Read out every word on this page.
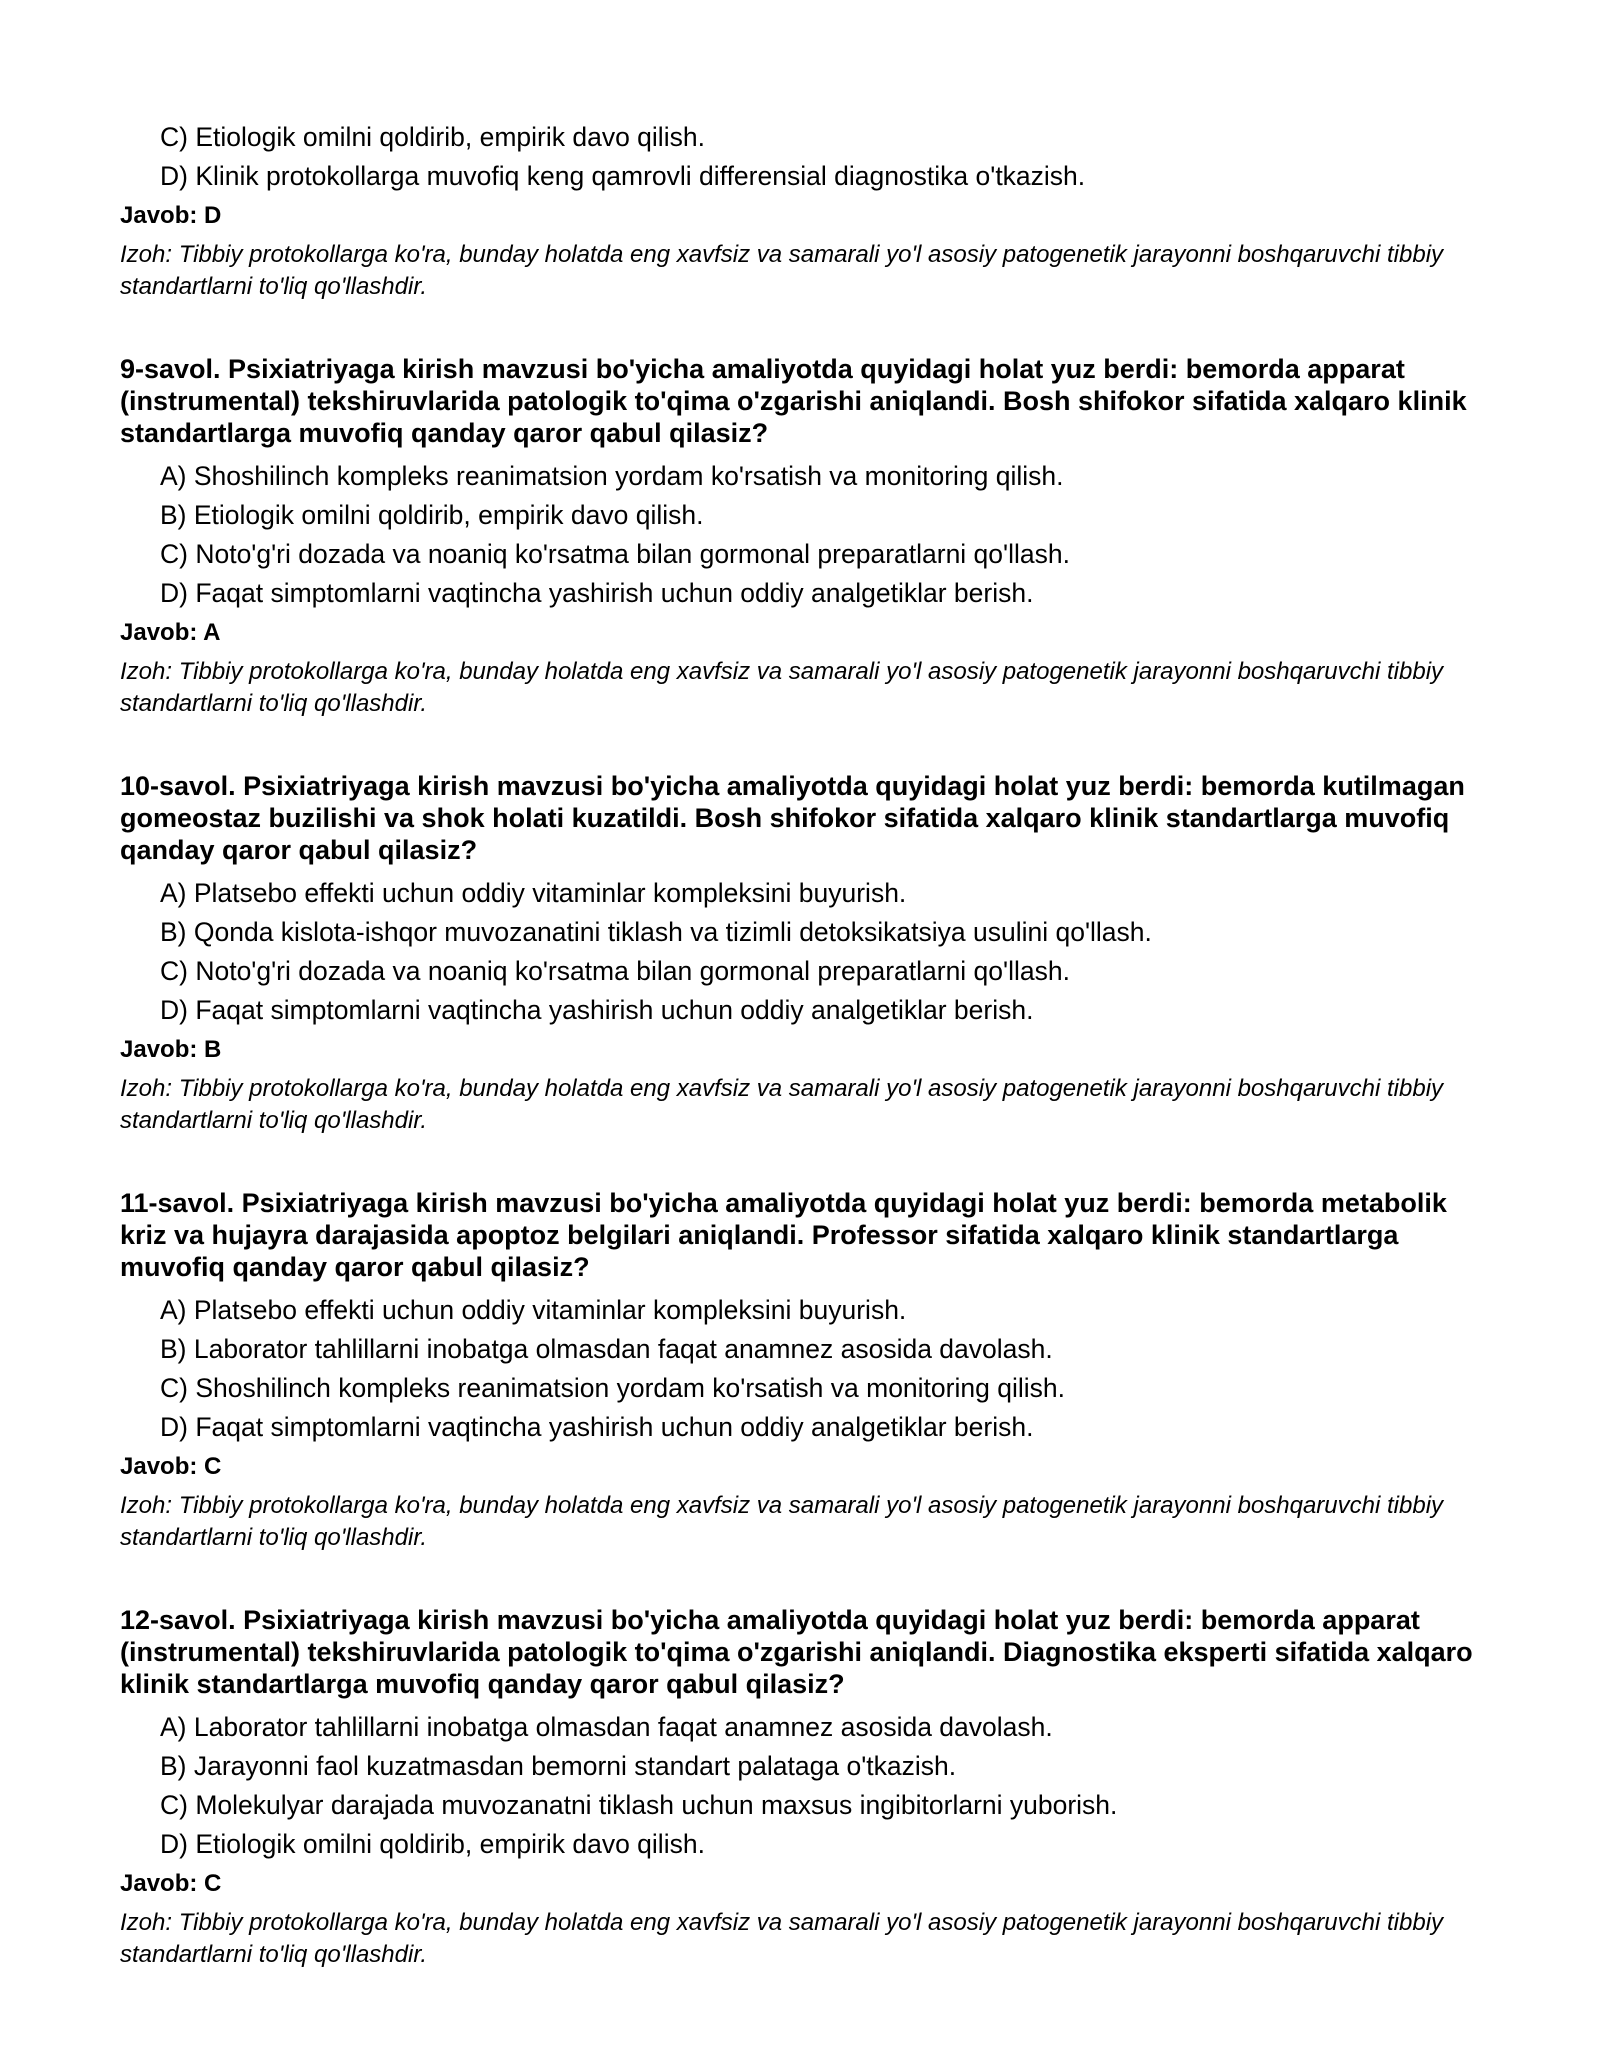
C) Etiologik omilni qoldirib, empirik davo qilish.
D) Klinik protokollarga muvofiq keng qamrovli differensial diagnostika o'tkazish.
Javob: D
Izoh: Tibbiy protokollarga ko'ra, bunday holatda eng xavfsiz va samarali yo'l asosiy patogenetik jarayonni boshqaruvchi tibbiy standartlarni to'liq qo'llashdir.
9-savol. Psixiatriyaga kirish mavzusi bo'yicha amaliyotda quyidagi holat yuz berdi: bemorda apparat (instrumental) tekshiruvlarida patologik to'qima o'zgarishi aniqlandi. Bosh shifokor sifatida xalqaro klinik standartlarga muvofiq qanday qaror qabul qilasiz?
A) Shoshilinch kompleks reanimatsion yordam ko'rsatish va monitoring qilish.
B) Etiologik omilni qoldirib, empirik davo qilish.
C) Noto'g'ri dozada va noaniq ko'rsatma bilan gormonal preparatlarni qo'llash.
D) Faqat simptomlarni vaqtincha yashirish uchun oddiy analgetiklar berish.
Javob: A
Izoh: Tibbiy protokollarga ko'ra, bunday holatda eng xavfsiz va samarali yo'l asosiy patogenetik jarayonni boshqaruvchi tibbiy standartlarni to'liq qo'llashdir.
10-savol. Psixiatriyaga kirish mavzusi bo'yicha amaliyotda quyidagi holat yuz berdi: bemorda kutilmagan gomeostaz buzilishi va shok holati kuzatildi. Bosh shifokor sifatida xalqaro klinik standartlarga muvofiq qanday qaror qabul qilasiz?
A) Platsebo effekti uchun oddiy vitaminlar kompleksini buyurish.
B) Qonda kislota-ishqor muvozanatini tiklash va tizimli detoksikatsiya usulini qo'llash.
C) Noto'g'ri dozada va noaniq ko'rsatma bilan gormonal preparatlarni qo'llash.
D) Faqat simptomlarni vaqtincha yashirish uchun oddiy analgetiklar berish.
Javob: B
Izoh: Tibbiy protokollarga ko'ra, bunday holatda eng xavfsiz va samarali yo'l asosiy patogenetik jarayonni boshqaruvchi tibbiy standartlarni to'liq qo'llashdir.
11-savol. Psixiatriyaga kirish mavzusi bo'yicha amaliyotda quyidagi holat yuz berdi: bemorda metabolik kriz va hujayra darajasida apoptoz belgilari aniqlandi. Professor sifatida xalqaro klinik standartlarga muvofiq qanday qaror qabul qilasiz?
A) Platsebo effekti uchun oddiy vitaminlar kompleksini buyurish.
B) Laborator tahlillarni inobatga olmasdan faqat anamnez asosida davolash.
C) Shoshilinch kompleks reanimatsion yordam ko'rsatish va monitoring qilish.
D) Faqat simptomlarni vaqtincha yashirish uchun oddiy analgetiklar berish.
Javob: C
Izoh: Tibbiy protokollarga ko'ra, bunday holatda eng xavfsiz va samarali yo'l asosiy patogenetik jarayonni boshqaruvchi tibbiy standartlarni to'liq qo'llashdir.
12-savol. Psixiatriyaga kirish mavzusi bo'yicha amaliyotda quyidagi holat yuz berdi: bemorda apparat (instrumental) tekshiruvlarida patologik to'qima o'zgarishi aniqlandi. Diagnostika eksperti sifatida xalqaro klinik standartlarga muvofiq qanday qaror qabul qilasiz?
A) Laborator tahlillarni inobatga olmasdan faqat anamnez asosida davolash.
B) Jarayonni faol kuzatmasdan bemorni standart palataga o'tkazish.
C) Molekulyar darajada muvozanatni tiklash uchun maxsus ingibitorlarni yuborish.
D) Etiologik omilni qoldirib, empirik davo qilish.
Javob: C
Izoh: Tibbiy protokollarga ko'ra, bunday holatda eng xavfsiz va samarali yo'l asosiy patogenetik jarayonni boshqaruvchi tibbiy standartlarni to'liq qo'llashdir.
